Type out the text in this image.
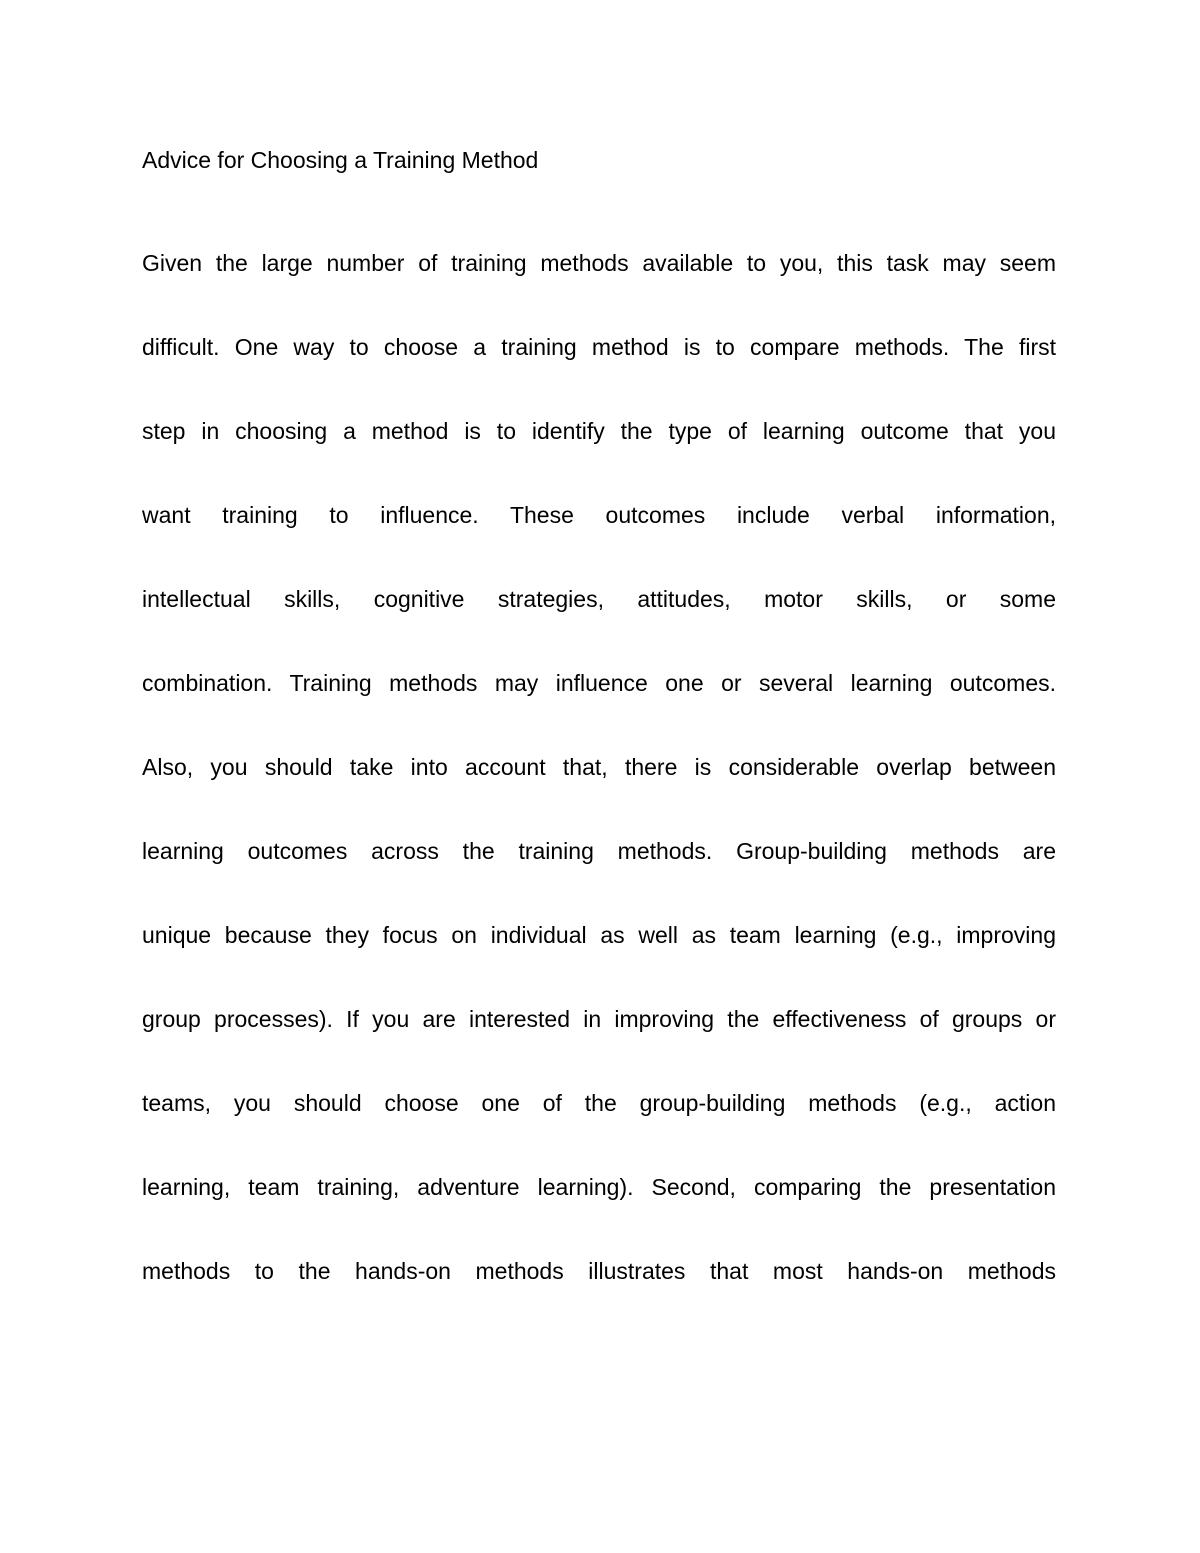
Advice for Choosing a Training Method
Given the large number of training methods available to you, this task may seem
difficult. One way to choose a training method is to compare methods. The first
step in choosing a method is to identify the type of learning outcome that you
want training to influence. These outcomes include verbal information,
intellectual skills, cognitive strategies, attitudes, motor skills, or some
combination. Training methods may influence one or several learning outcomes.
Also, you should take into account that, there is considerable overlap between
learning outcomes across the training methods. Group-building methods are
unique because they focus on individual as well as team learning (e.g., improving
group processes). If you are interested in improving the effectiveness of groups or
teams, you should choose one of the group-building methods (e.g., action
learning, team training, adventure learning). Second, comparing the presentation
methods to the hands-on methods illustrates that most hands-on methods
